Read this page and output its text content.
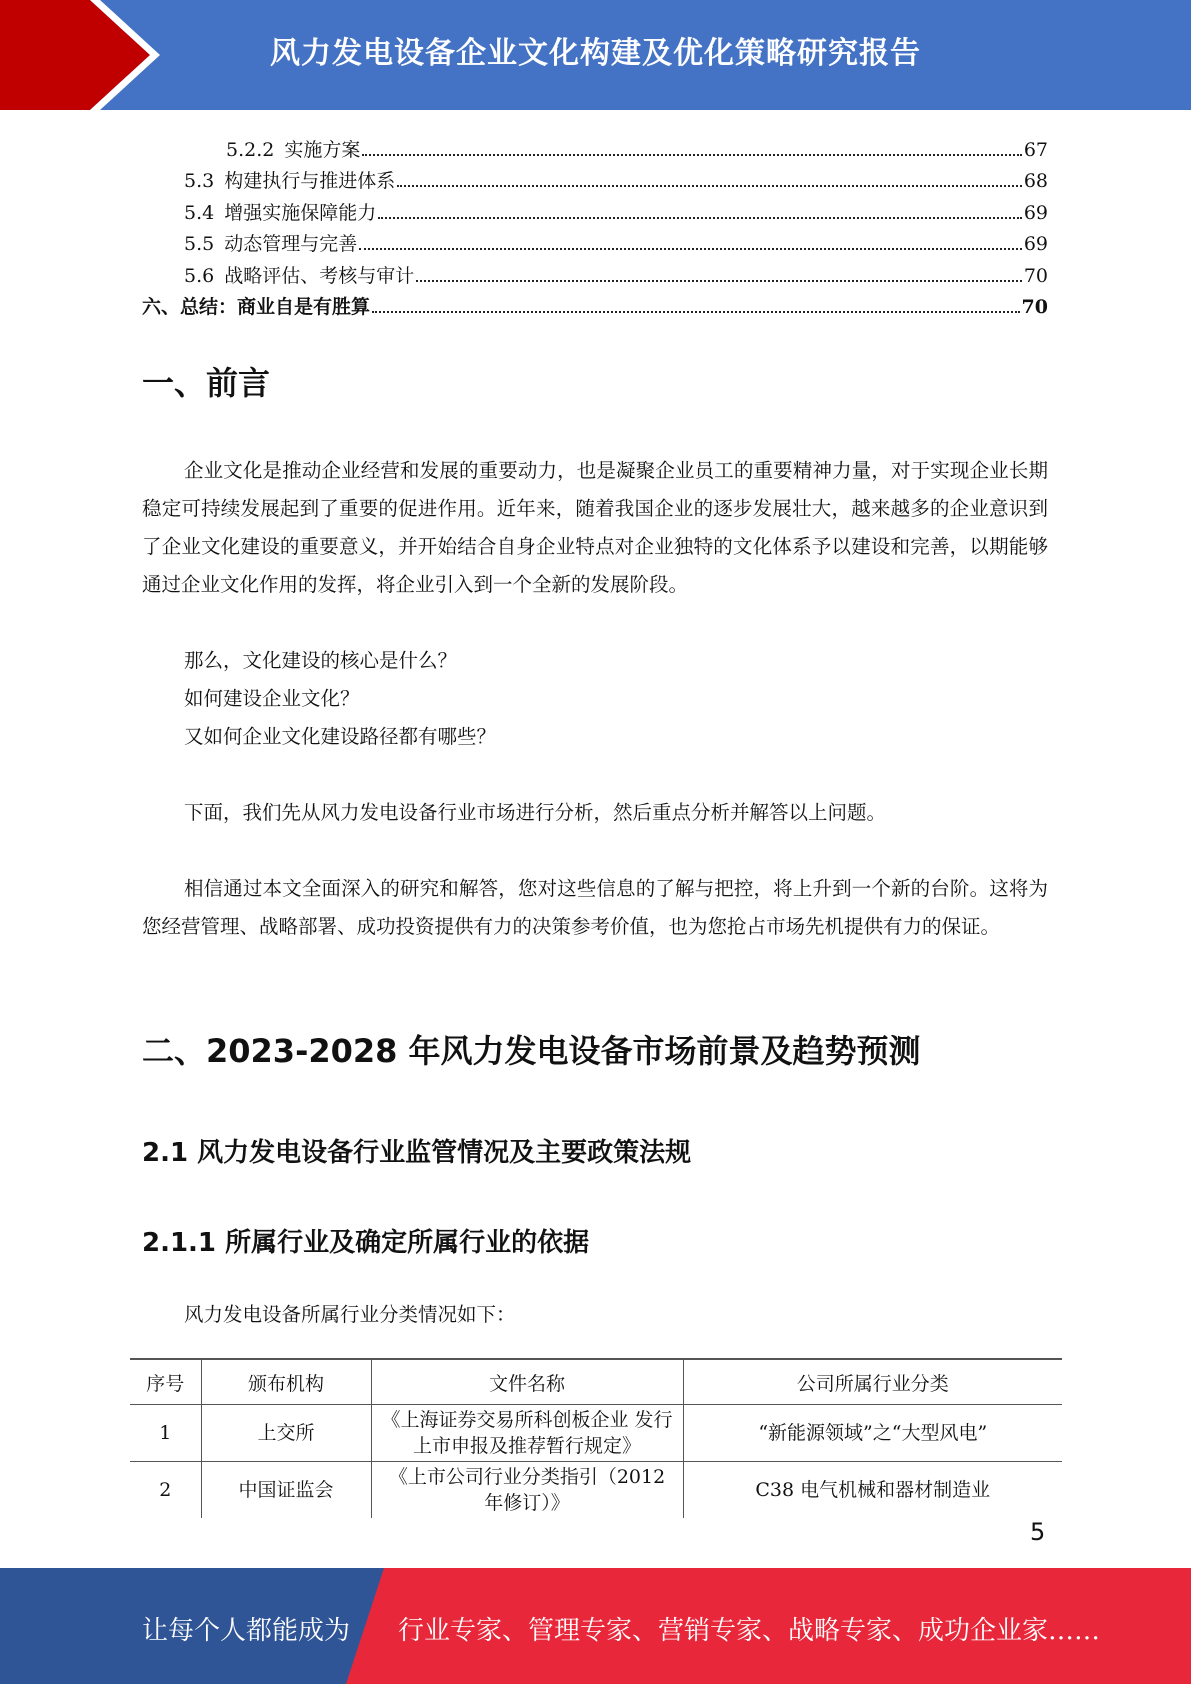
风力发电设备企业文化构建及优化策略研究报告
5.2.2 实施方案	67
5.3 构建执行与推进体系	68
5.4 增强实施保障能力	69
5.5 动态管理与完善	69
5.6 战略评估、考核与审计	70
六、总结：商业自是有胜算	70
一、前言
企业文化是推动企业经营和发展的重要动力，也是凝聚企业员工的重要精神力量，对于实现企业长期稳定可持续发展起到了重要的促进作用。近年来，随着我国企业的逐步发展壮大，越来越多的企业意识到了企业文化建设的重要意义，并开始结合自身企业特点对企业独特的文化体系予以建设和完善，以期能够通过企业文化作用的发挥，将企业引入到一个全新的发展阶段。
那么，文化建设的核心是什么？
如何建设企业文化？
又如何企业文化建设路径都有哪些？
下面，我们先从风力发电设备行业市场进行分析，然后重点分析并解答以上问题。
相信通过本文全面深入的研究和解答，您对这些信息的了解与把控，将上升到一个新的台阶。这将为您经营管理、战略部署、成功投资提供有力的决策参考价值，也为您抢占市场先机提供有力的保证。
二、2023-2028 年风力发电设备市场前景及趋势预测
2.1 风力发电设备行业监管情况及主要政策法规
2.1.1 所属行业及确定所属行业的依据
风力发电设备所属行业分类情况如下：
序号	颁布机构	文件名称	公司所属行业分类
1	上交所	《上海证券交易所科创板企业 发行上市申报及推荐暂行规定》	“新能源领域”之“大型风电”
2	中国证监会	《上市公司行业分类指引（2012 年修订）》	C38 电气机械和器材制造业
5
让每个人都能成为 行业专家、管理专家、营销专家、战略专家、成功企业家……
